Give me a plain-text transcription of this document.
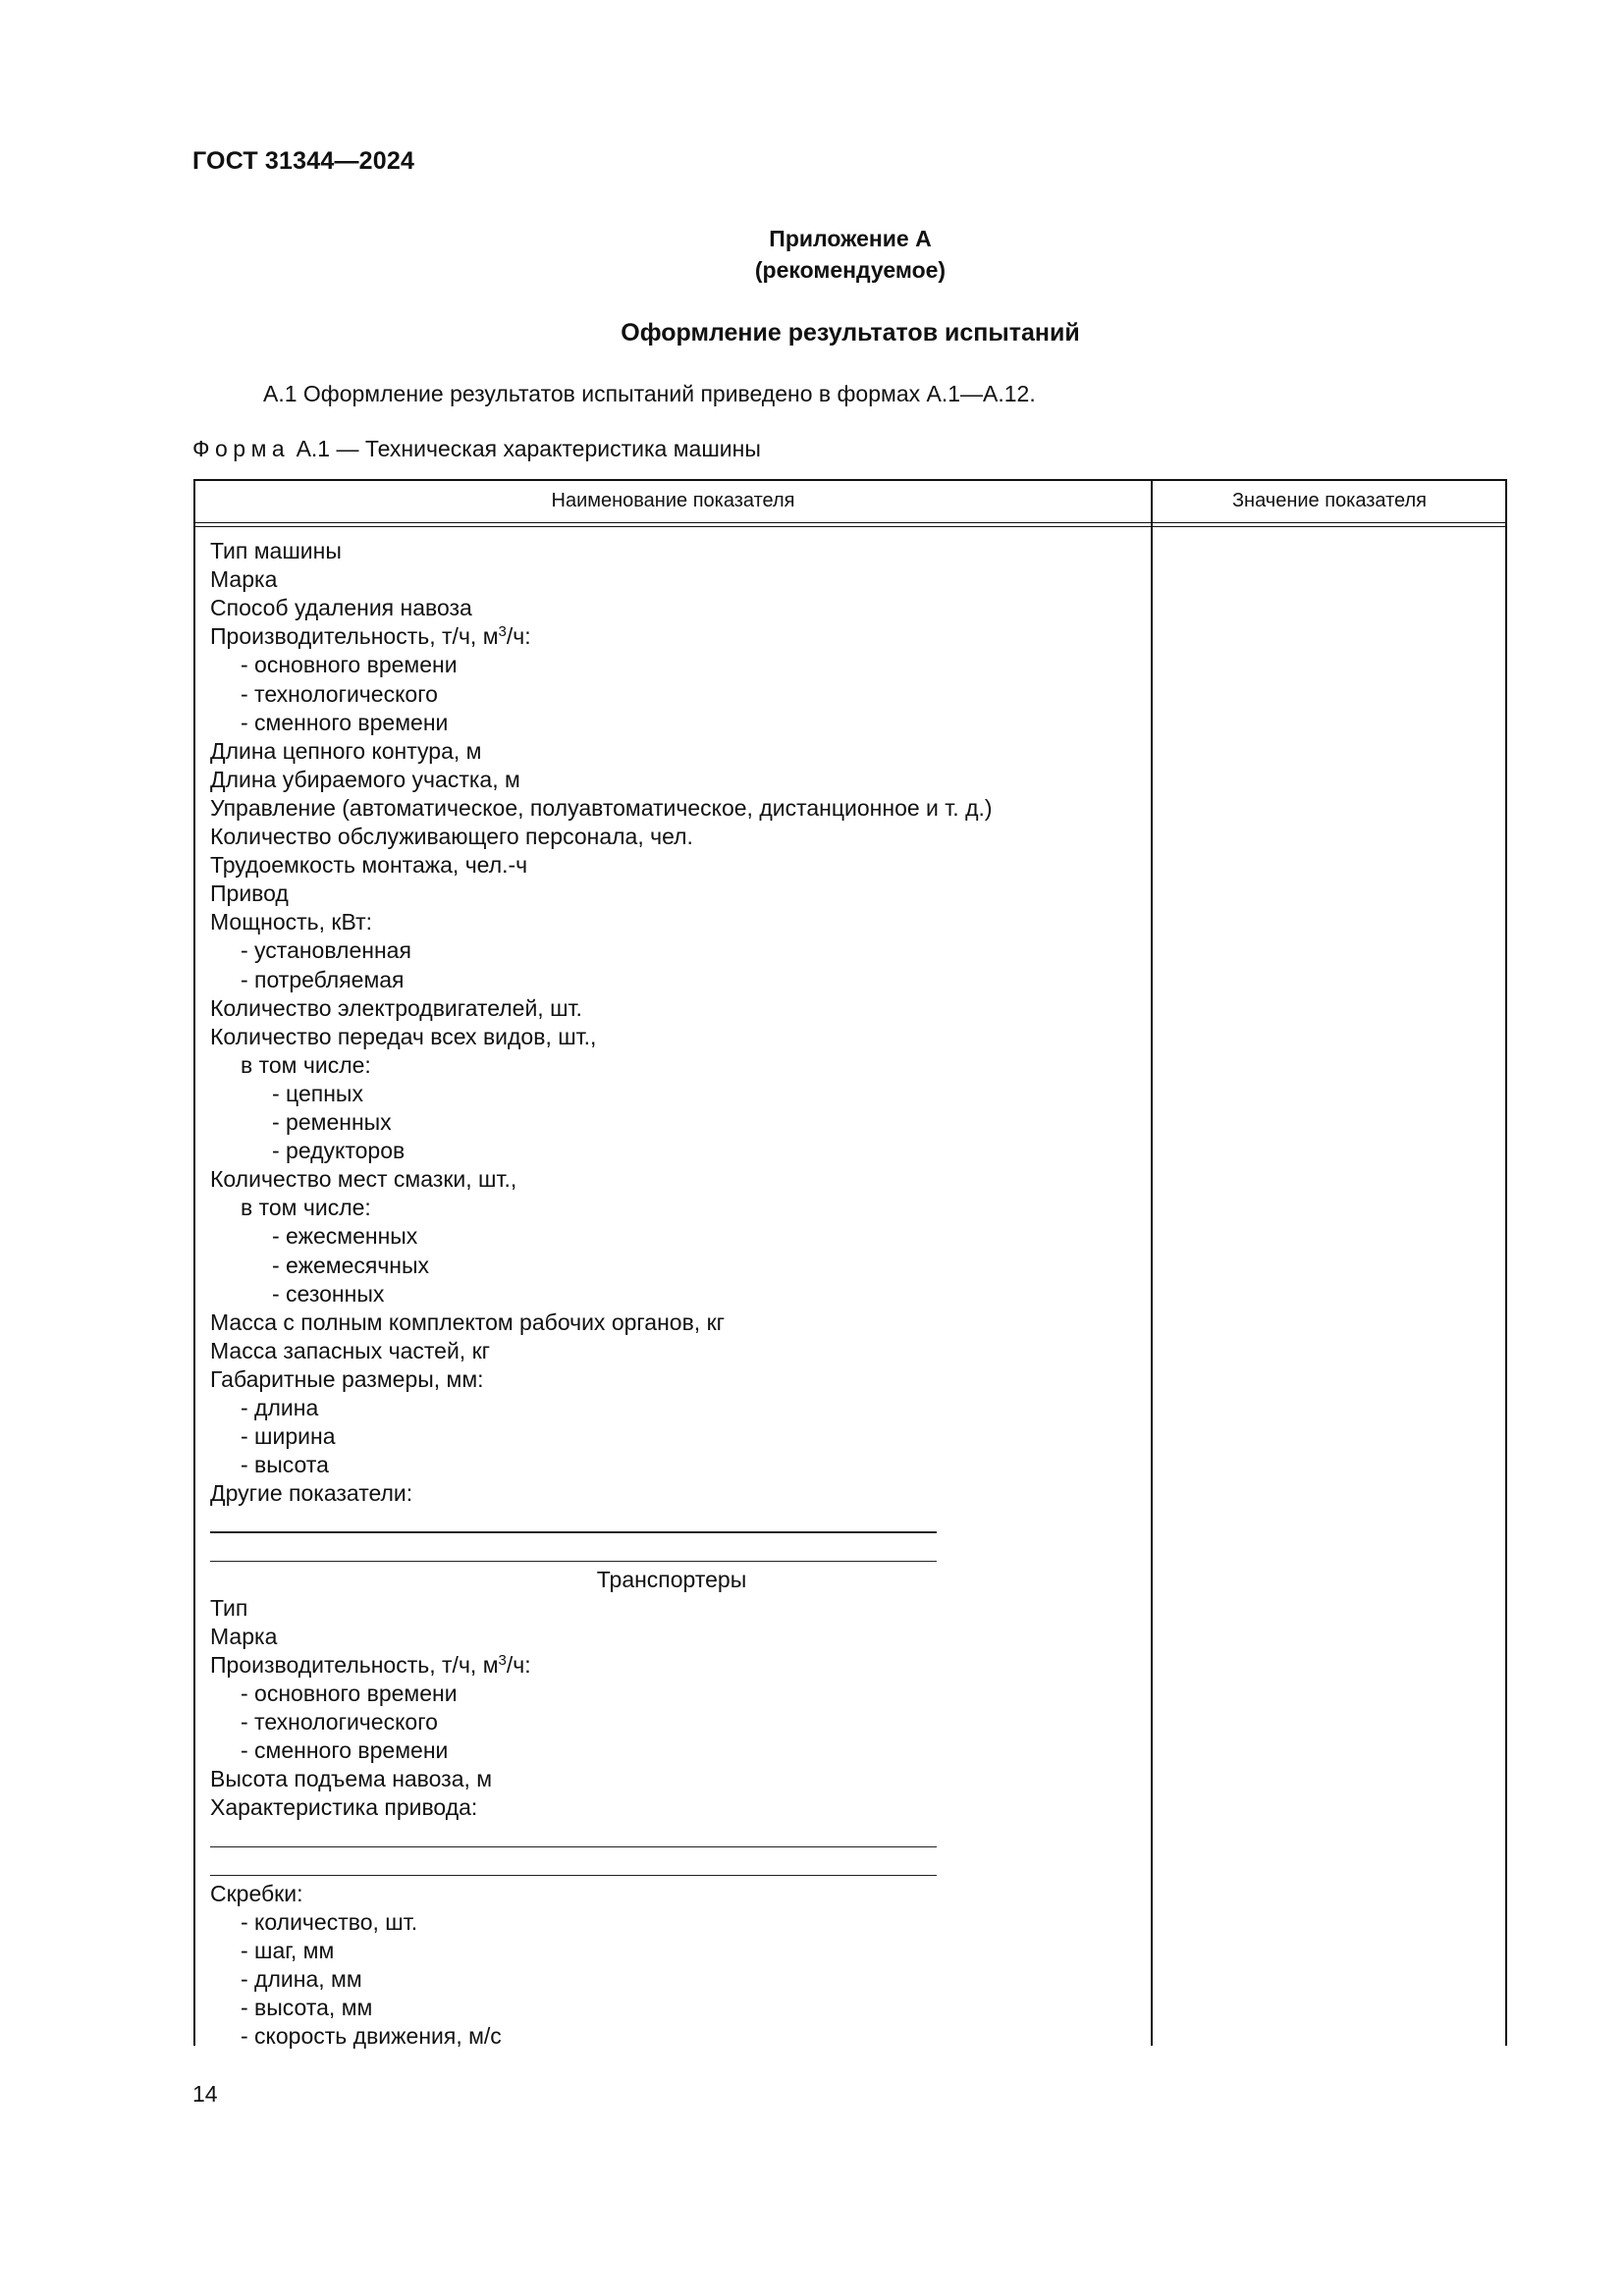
ГОСТ 31344—2024
Приложение А
(рекомендуемое)
Оформление результатов испытаний
А.1 Оформление результатов испытаний приведено в формах А.1—А.12.
Форма А.1 — Техническая характеристика машины
Наименование показателя	Значение показателя
Тип машины
Марка
Способ удаления навоза
Производительность, т/ч, $м^3/ч$:
- основного времени
- технологического
- сменного времени
Длина цепного контура, м
Длина убираемого участка, м
Управление (автоматическое, полуавтоматическое, дистанционное и т. д.)
Количество обслуживающего персонала, чел.
Трудоемкость монтажа, чел.-ч
Привод
Мощность, кВт:
- установленная
- потребляемая
Количество электродвигателей, шт.
Количество передач всех видов, шт.,
в том числе:
- цепных
- ременных
- редукторов
Количество мест смазки, шт.,
в том числе:
- ежесменных
- ежемесячных
- сезонных
Масса с полным комплектом рабочих органов, кг
Масса запасных частей, кг
Габаритные размеры, мм:
- длина
- ширина
- высота
Другие показатели:
Транспортеры
Тип
Марка
Производительность, т/ч, $м^3/ч$:
- основного времени
- технологического
- сменного времени
Высота подъема навоза, м
Характеристика привода:
Скребки:
- количество, шт.
- шаг, мм
- длина, мм
- высота, мм
- скорость движения, м/с
14
